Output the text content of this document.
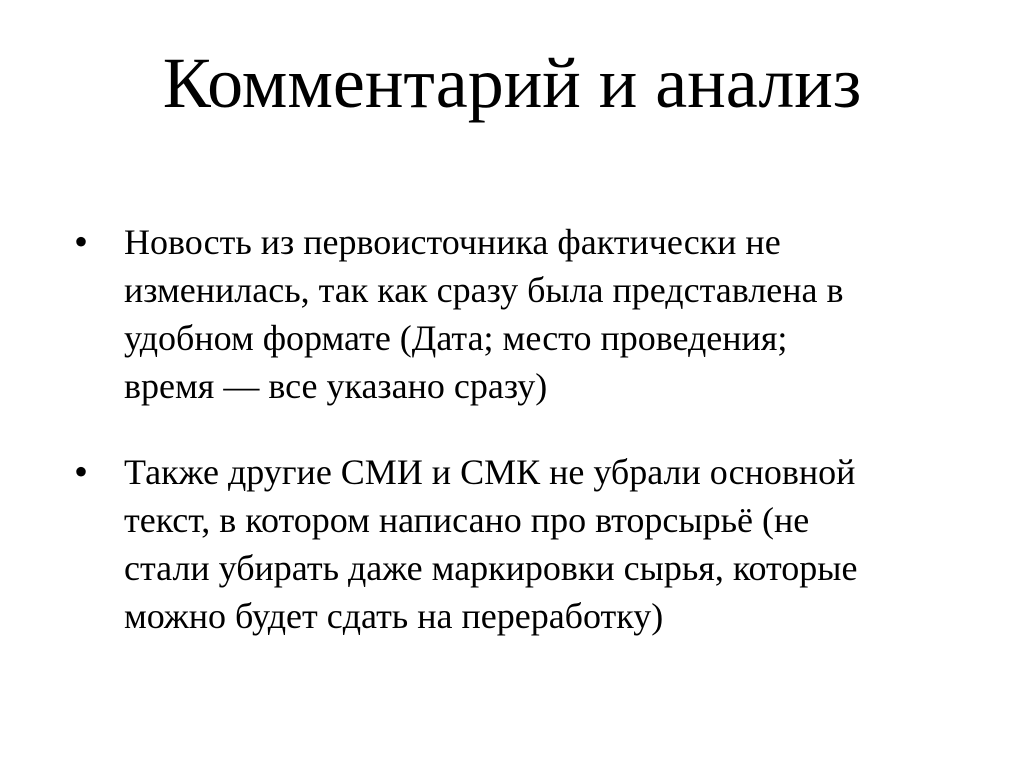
Комментарий и анализ
• Новость из первоисточника фактически не
изменилась, так как сразу была представлена в
удобном формате (Дата; место проведения;
время — все указано сразу)
• Также другие СМИ и СМК не убрали основной
текст, в котором написано про вторсырьё (не
стали убирать даже маркировки сырья, которые
можно будет сдать на переработку)
